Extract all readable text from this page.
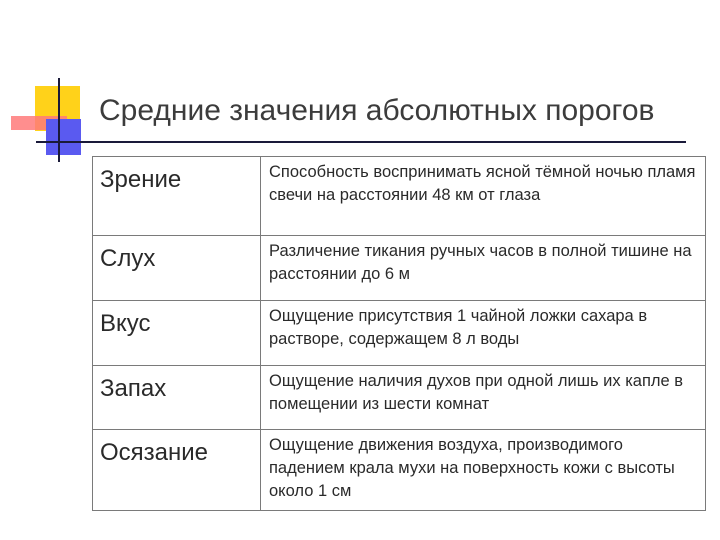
Средние значения абсолютных порогов
Зрение	Способность воспринимать ясной тёмной ночью пламя свечи на расстоянии 48 км от глаза
Слух	Различение тикания ручных часов в полной тишине на расстоянии до 6 м
Вкус	Ощущение присутствия 1 чайной ложки сахара в растворе, содержащем 8 л воды
Запах	Ощущение наличия духов при одной лишь их капле в помещении из шести комнат
Осязание	Ощущение движения воздуха, производимого падением крала мухи на поверхность кожи с высоты около 1 см
